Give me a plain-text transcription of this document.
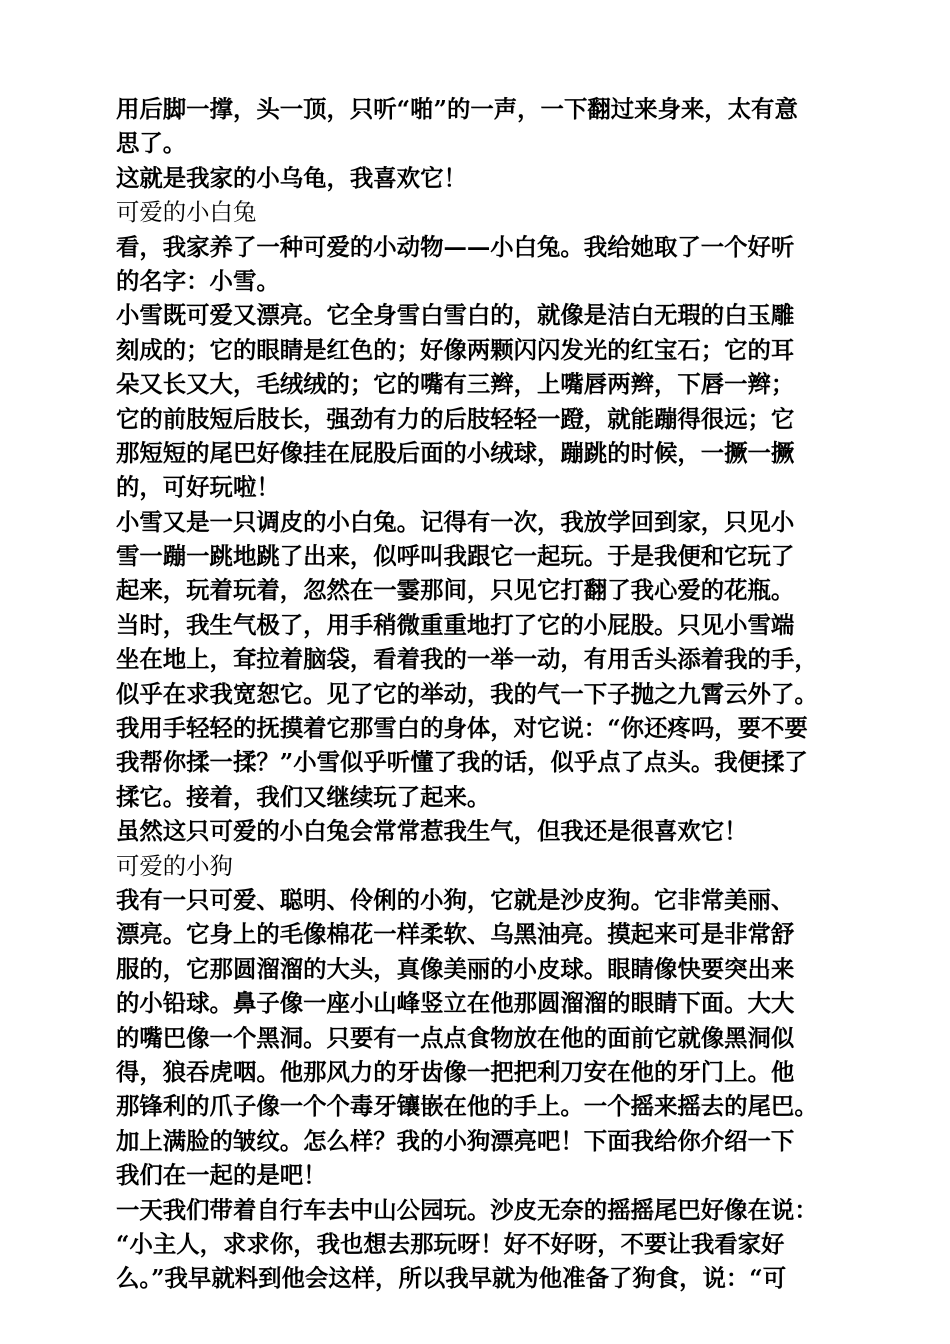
用后脚一撑，头一顶，只听“啪”的一声，一下翻过来身来，太有意
思了。
这就是我家的小乌龟，我喜欢它！
可爱的小白兔
看，我家养了一种可爱的小动物——小白兔。我给她取了一个好听
的名字：小雪。
小雪既可爱又漂亮。它全身雪白雪白的，就像是洁白无瑕的白玉雕
刻成的；它的眼睛是红色的；好像两颗闪闪发光的红宝石；它的耳
朵又长又大，毛绒绒的；它的嘴有三辫，上嘴唇两辫，下唇一辫；
它的前肢短后肢长，强劲有力的后肢轻轻一蹬，就能蹦得很远；它
那短短的尾巴好像挂在屁股后面的小绒球，蹦跳的时候，一撅一撅
的，可好玩啦！
小雪又是一只调皮的小白兔。记得有一次，我放学回到家，只见小
雪一蹦一跳地跳了出来，似呼叫我跟它一起玩。于是我便和它玩了
起来，玩着玩着，忽然在一霎那间，只见它打翻了我心爱的花瓶。
当时，我生气极了，用手稍微重重地打了它的小屁股。只见小雪端
坐在地上，耷拉着脑袋，看着我的一举一动，有用舌头添着我的手，
似乎在求我宽恕它。见了它的举动，我的气一下子抛之九霄云外了。
我用手轻轻的抚摸着它那雪白的身体，对它说：“你还疼吗，要不要
我帮你揉一揉？”小雪似乎听懂了我的话，似乎点了点头。我便揉了
揉它。接着，我们又继续玩了起来。
虽然这只可爱的小白兔会常常惹我生气，但我还是很喜欢它！
可爱的小狗
我有一只可爱、聪明、伶俐的小狗，它就是沙皮狗。它非常美丽、
漂亮。它身上的毛像棉花一样柔软、乌黑油亮。摸起来可是非常舒
服的，它那圆溜溜的大头，真像美丽的小皮球。眼睛像快要突出来
的小铅球。鼻子像一座小山峰竖立在他那圆溜溜的眼睛下面。大大
的嘴巴像一个黑洞。只要有一点点食物放在他的面前它就像黑洞似
得，狼吞虎咽。他那风力的牙齿像一把把利刀安在他的牙门上。他
那锋利的爪子像一个个毒牙镶嵌在他的手上。一个摇来摇去的尾巴。
加上满脸的皱纹。怎么样？我的小狗漂亮吧！下面我给你介绍一下
我们在一起的是吧！
一天我们带着自行车去中山公园玩。沙皮无奈的摇摇尾巴好像在说：
“小主人，求求你，我也想去那玩呀！好不好呀，不要让我看家好
么。”我早就料到他会这样，所以我早就为他准备了狗食，说：“可
